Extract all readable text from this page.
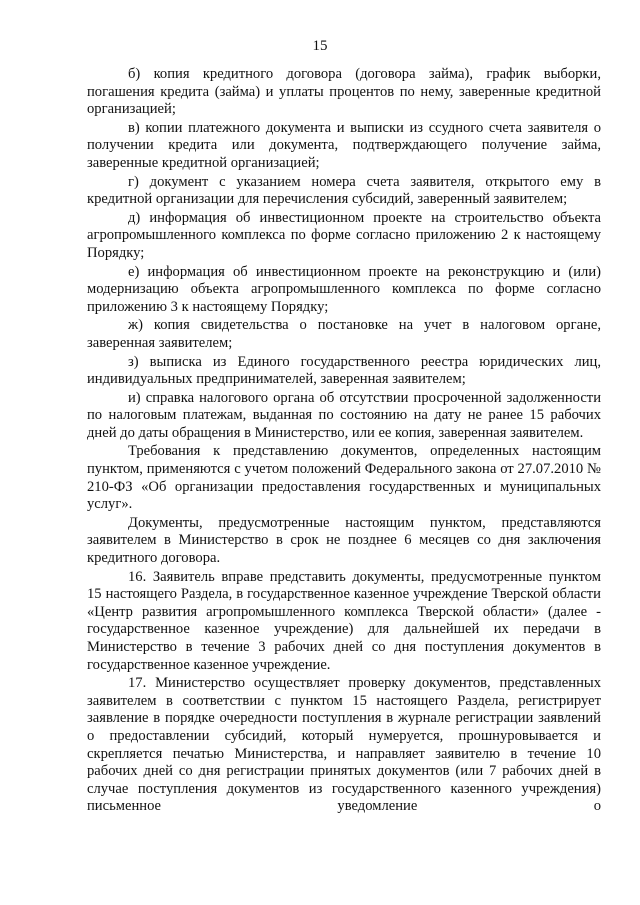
15

б) копия кредитного договора (договора займа), график выборки, погашения кредита (займа) и уплаты процентов по нему, заверенные кредитной организацией;

в) копии платежного документа и выписки из ссудного счета заявителя о получении кредита или документа, подтверждающего получение займа, заверенные кредитной организацией;

г) документ с указанием номера счета заявителя, открытого ему в кредитной организации для перечисления субсидий, заверенный заявителем;

д) информация об инвестиционном проекте на строительство объекта агропромышленного комплекса по форме согласно приложению 2 к настоящему Порядку;

е) информация об инвестиционном проекте на реконструкцию и (или) модернизацию объекта агропромышленного комплекса по форме согласно приложению 3 к настоящему Порядку;

ж) копия свидетельства о постановке на учет в налоговом органе, заверенная заявителем;

з) выписка из Единого государственного реестра юридических лиц, индивидуальных предпринимателей, заверенная заявителем;

и) справка налогового органа об отсутствии просроченной задолженности по налоговым платежам, выданная по состоянию на дату не ранее 15 рабочих дней до даты обращения в Министерство, или ее копия, заверенная заявителем.

Требования к представлению документов, определенных настоящим пунктом, применяются с учетом положений Федерального закона от 27.07.2010 № 210-ФЗ «Об организации предоставления государственных и муниципальных услуг».

Документы, предусмотренные настоящим пунктом, представляются заявителем в Министерство в срок не позднее 6 месяцев со дня заключения кредитного договора.

16. Заявитель вправе представить документы, предусмотренные пунктом 15 настоящего Раздела, в государственное казенное учреждение Тверской области «Центр развития агропромышленного комплекса Тверской области» (далее - государственное казенное учреждение) для дальнейшей их передачи в Министерство в течение 3 рабочих дней со дня поступления документов в государственное казенное учреждение.

17. Министерство осуществляет проверку документов, представленных заявителем в соответствии с пунктом 15 настоящего Раздела, регистрирует заявление в порядке очередности поступления в журнале регистрации заявлений о предоставлении субсидий, который нумеруется, прошнуровывается и скрепляется печатью Министерства, и направляет заявителю в течение 10 рабочих дней со дня регистрации принятых документов (или 7 рабочих дней в случае поступления документов из государственного казенного учреждения) письменное уведомление о
